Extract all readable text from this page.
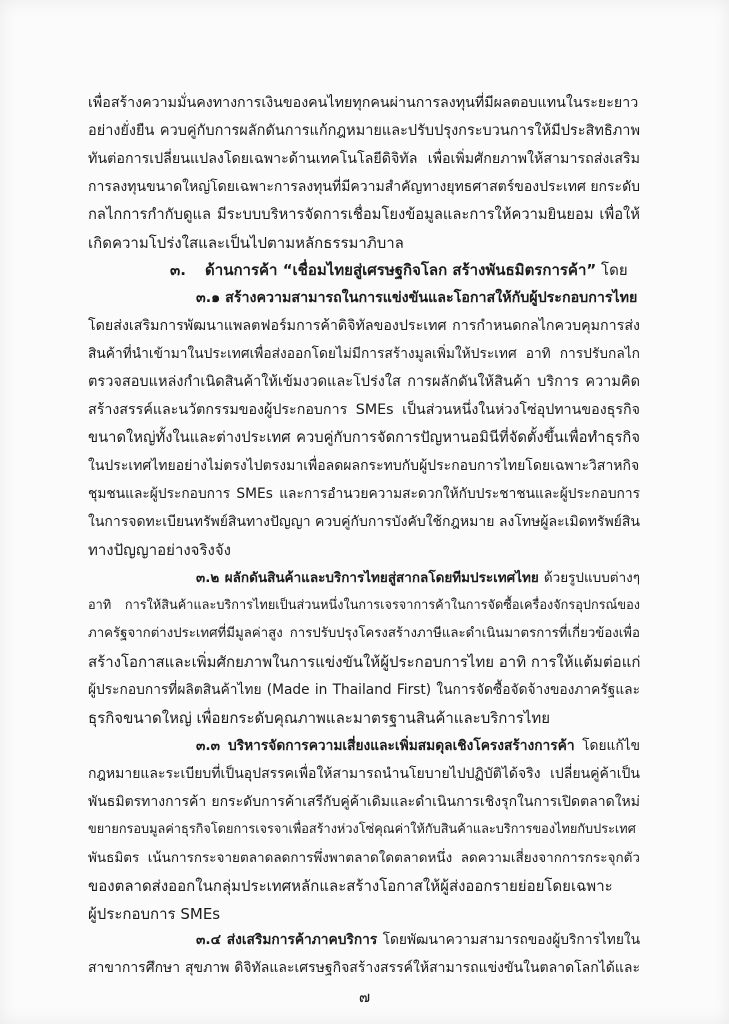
เพื่อสร้างความมั่นคงทางการเงินของคนไทยทุกคนผ่านการลงทุนที่มีผลตอบแทนในระยะยาว
อย่างยั่งยืน ควบคู่กับการผลักดันการแก้กฎหมายและปรับปรุงกระบวนการให้มีประสิทธิภาพ
ทันต่อการเปลี่ยนแปลงโดยเฉพาะด้านเทคโนโลยีดิจิทัล เพื่อเพิ่มศักยภาพให้สามารถส่งเสริม
การลงทุนขนาดใหญ่โดยเฉพาะการลงทุนที่มีความสำคัญทางยุทธศาสตร์ของประเทศ ยกระดับ
กลไกการกำกับดูแล มีระบบบริหารจัดการเชื่อมโยงข้อมูลและการให้ความยินยอม เพื่อให้
เกิดความโปร่งใสและเป็นไปตามหลักธรรมาภิบาล
๓. ด้านการค้า “เชื่อมไทยสู่เศรษฐกิจโลก สร้างพันธมิตรการค้า” โดย
๓.๑ สร้างความสามารถในการแข่งขันและโอกาสให้กับผู้ประกอบการไทย
โดยส่งเสริมการพัฒนาแพลตฟอร์มการค้าดิจิทัลของประเทศ การกำหนดกลไกควบคุมการส่ง
สินค้าที่นำเข้ามาในประเทศเพื่อส่งออกโดยไม่มีการสร้างมูลเพิ่มให้ประเทศ อาทิ การปรับกลไก
ตรวจสอบแหล่งกำเนิดสินค้าให้เข้มงวดและโปร่งใส การผลักดันให้สินค้า บริการ ความคิด
สร้างสรรค์และนวัตกรรมของผู้ประกอบการ SMEs เป็นส่วนหนึ่งในห่วงโซ่อุปทานของธุรกิจ
ขนาดใหญ่ทั้งในและต่างประเทศ ควบคู่กับการจัดการปัญหานอมินีที่จัดตั้งขึ้นเพื่อทำธุรกิจ
ในประเทศไทยอย่างไม่ตรงไปตรงมาเพื่อลดผลกระทบกับผู้ประกอบการไทยโดยเฉพาะวิสาหกิจ
ชุมชนและผู้ประกอบการ SMEs และการอำนวยความสะดวกให้กับประชาชนและผู้ประกอบการ
ในการจดทะเบียนทรัพย์สินทางปัญญา ควบคู่กับการบังคับใช้กฎหมาย ลงโทษผู้ละเมิดทรัพย์สิน
ทางปัญญาอย่างจริงจัง
๓.๒ ผลักดันสินค้าและบริการไทยสู่สากลโดยทีมประเทศไทย ด้วยรูปแบบต่างๆ
อาทิ การให้สินค้าและบริการไทยเป็นส่วนหนึ่งในการเจรจาการค้าในการจัดซื้อเครื่องจักรอุปกรณ์ของ
ภาครัฐจากต่างประเทศที่มีมูลค่าสูง การปรับปรุงโครงสร้างภาษีและดำเนินมาตรการที่เกี่ยวข้องเพื่อ
สร้างโอกาสและเพิ่มศักยภาพในการแข่งขันให้ผู้ประกอบการไทย อาทิ การให้แต้มต่อแก่
ผู้ประกอบการที่ผลิตสินค้าไทย (Made in Thailand First) ในการจัดซื้อจัดจ้างของภาครัฐและ
ธุรกิจขนาดใหญ่ เพื่อยกระดับคุณภาพและมาตรฐานสินค้าและบริการไทย
๓.๓ บริหารจัดการความเสี่ยงและเพิ่มสมดุลเชิงโครงสร้างการค้า โดยแก้ไข
กฎหมายและระเบียบที่เป็นอุปสรรคเพื่อให้สามารถนำนโยบายไปปฏิบัติได้จริง เปลี่ยนคู่ค้าเป็น
พันธมิตรทางการค้า ยกระดับการค้าเสรีกับคู่ค้าเดิมและดำเนินการเชิงรุกในการเปิดตลาดใหม่
ขยายกรอบมูลค่าธุรกิจโดยการเจรจาเพื่อสร้างห่วงโซ่คุณค่าให้กับสินค้าและบริการของไทยกับประเทศ
พันธมิตร เน้นการกระจายตลาดลดการพึ่งพาตลาดใดตลาดหนึ่ง ลดความเสี่ยงจากการกระจุกตัว
ของตลาดส่งออกในกลุ่มประเทศหลักและสร้างโอกาสให้ผู้ส่งออกรายย่อยโดยเฉพาะ
ผู้ประกอบการ SMEs
๓.๔ ส่งเสริมการค้าภาคบริการ โดยพัฒนาความสามารถของผู้บริการไทยใน
สาขาการศึกษา สุขภาพ ดิจิทัลและเศรษฐกิจสร้างสรรค์ให้สามารถแข่งขันในตลาดโลกได้และ
๗
